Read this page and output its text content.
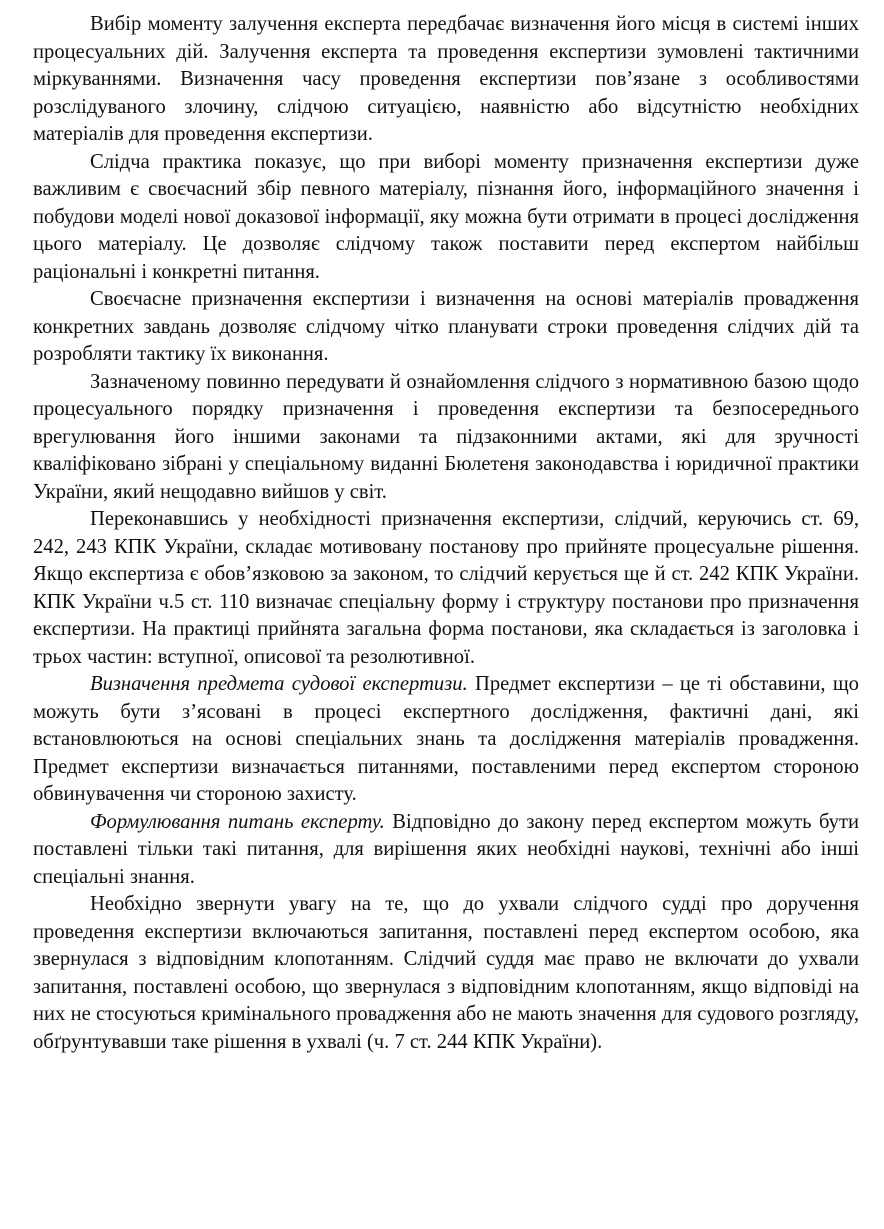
Вибір моменту залучення експерта передбачає визначення його місця в системі інших процесуальних дій. Залучення експерта та проведення експертизи зумовлені тактичними міркуваннями. Визначення часу проведення експертизи пов’язане з особливостями розслідуваного злочину, слідчою ситуацією, наявністю або відсутністю необхідних матеріалів для проведення експертизи.

Слідча практика показує, що при виборі моменту призначення експертизи дуже важливим є своєчасний збір певного матеріалу, пізнання його, інформаційного значення і побудови моделі нової доказової інформації, яку можна бути отримати в процесі дослідження цього матеріалу. Це дозволяє слідчому також поставити перед експертом найбільш раціональні і конкретні питання.

Своєчасне призначення експертизи і визначення на основі матеріалів провадження конкретних завдань дозволяє слідчому чітко планувати строки проведення слідчих дій та розробляти тактику їх виконання.

Зазначеному повинно передувати й ознайомлення слідчого з нормативною базою щодо процесуального порядку призначення і проведення експертизи та безпосереднього врегулювання його іншими законами та підзаконними актами, які для зручності кваліфіковано зібрані у спеціальному виданні Бюлетеня законодавства і юридичної практики України, який нещодавно вийшов у світ.

Переконавшись у необхідності призначення експертизи, слідчий, керуючись ст. 69, 242, 243 КПК України, складає мотивовану постанову про прийняте процесуальне рішення. Якщо експертиза є обов’язковою за законом, то слідчий керується ще й ст. 242 КПК України. КПК України ч.5 ст. 110 визначає спеціальну форму і структуру постанови про призначення експертизи. На практиці прийнята загальна форма постанови, яка складається із заголовка і трьох частин: вступної, описової та резолютивної.

Визначення предмета судової експертизи. Предмет експертизи – це ті обставини, що можуть бути з’ясовані в процесі експертного дослідження, фактичні дані, які встановлюються на основі спеціальних знань та дослідження матеріалів провадження. Предмет експертизи визначається питаннями, поставленими перед експертом стороною обвинувачення чи стороною захисту.

Формулювання питань експерту. Відповідно до закону перед експертом можуть бути поставлені тільки такі питання, для вирішення яких необхідні наукові, технічні або інші спеціальні знання.

Необхідно звернути увагу на те, що до ухвали слідчого судді про доручення проведення експертизи включаються запитання, поставлені перед експертом особою, яка звернулася з відповідним клопотанням. Слідчий суддя має право не включати до ухвали запитання, поставлені особою, що звернулася з відповідним клопотанням, якщо відповіді на них не стосуються кримінального провадження або не мають значення для судового розгляду, обґрунтувавши таке рішення в ухвалі (ч. 7 ст. 244 КПК України).
